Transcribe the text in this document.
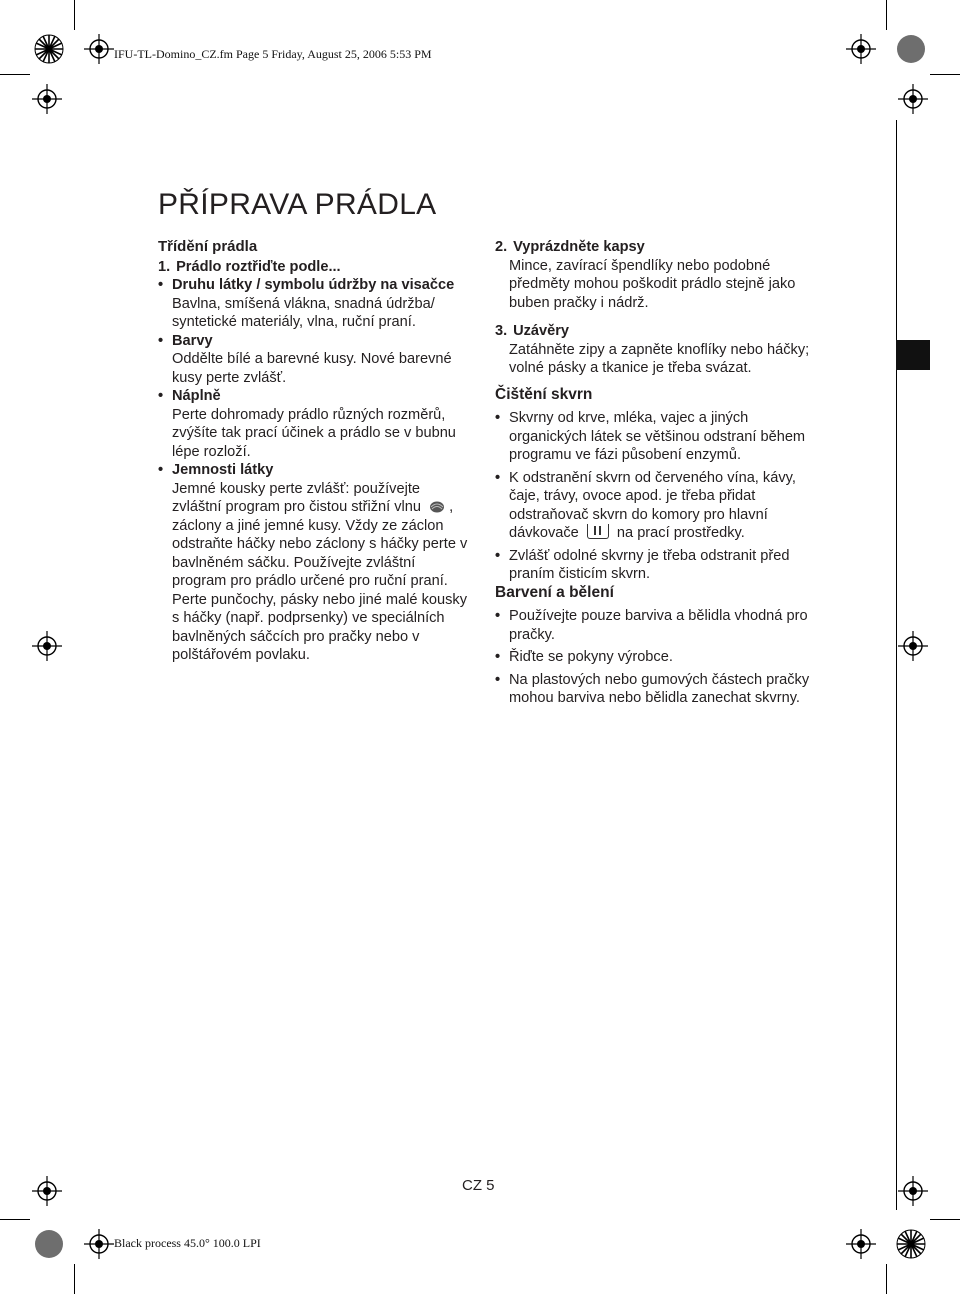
IFU-TL-Domino_CZ.fm Page 5 Friday, August 25, 2006 5:53 PM
Black process 45.0° 100.0 LPI
PŘÍPRAVA PRÁDLA
Třídění prádla
1. Prádlo roztřiďte podle...
• Druhu látky / symbolu údržby na visačce
Bavlna, smíšená vlákna, snadná údržba/ syntetické materiály, vlna, ruční praní.
• Barvy
Oddělte bílé a barevné kusy. Nové barevné kusy perte zvlášť.
• Náplně
Perte dohromady prádlo různých rozměrů, zvýšíte tak prací účinek a prádlo se v bubnu lépe rozloží.
• Jemnosti látky
Jemné kousky perte zvlášť: používejte zvláštní program pro čistou střižní vlnu , záclony a jiné jemné kusy. Vždy ze záclon odstraňte háčky nebo záclony s háčky perte v bavlněném sáčku. Používejte zvláštní program pro prádlo určené pro ruční praní. Perte punčochy, pásky nebo jiné malé kousky s háčky (např. podprsenky) ve speciálních bavlněných sáčcích pro pračky nebo v polštářovém povlaku.
2. Vyprázdněte kapsy
Mince, zavírací špendlíky nebo podobné předměty mohou poškodit prádlo stejně jako buben pračky i nádrž.
3. Uzávěry
Zatáhněte zipy a zapněte knoflíky nebo háčky; volné pásky a tkanice je třeba svázat.
Čištění skvrn
• Skvrny od krve, mléka, vajec a jiných organických látek se většinou odstraní během programu ve fázi působení enzymů.
• K odstranění skvrn od červeného vína, kávy, čaje, trávy, ovoce apod. je třeba přidat odstraňovač skvrn do komory pro hlavní dávkovače	na prací prostředky.
• Zvlášť odolné skvrny je třeba odstranit před praním čisticím skvrn.
Barvení a bělení
• Používejte pouze barviva a bělidla vhodná pro pračky.
• Řiďte se pokyny výrobce.
• Na plastových nebo gumových částech pračky mohou barviva nebo bělidla zanechat skvrny.
CZ 5
